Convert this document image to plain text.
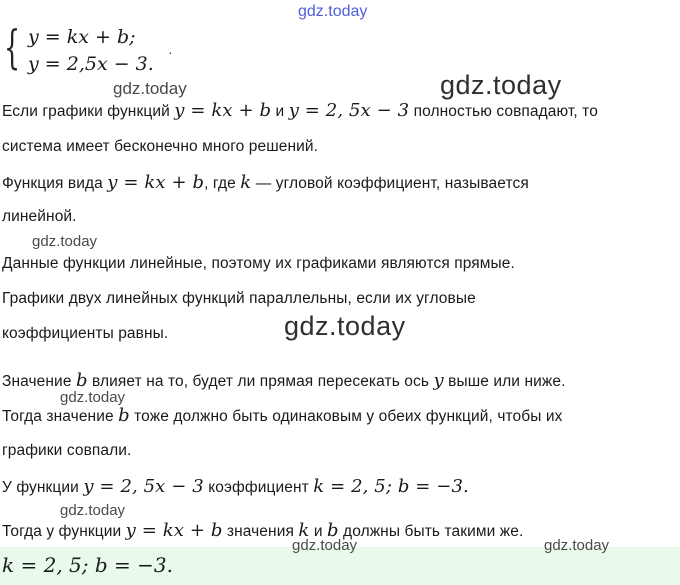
gdz.today
{ y = kx + b;
y = 2,5x − 3.
·
gdz.today	gdz.today
Если графики функций y = kx + b и y = 2, 5x − 3 полностью совпадают, то
система имеет бесконечно много решений.
Функция вида y = kx + b, где k — угловой коэффициент, называется
линейной.
gdz.today
Данные функции линейные, поэтому их графиками являются прямые.
Графики двух линейных функций параллельны, если их угловые
gdz.today
коэффициенты равны.
Значение b влияет на то, будет ли прямая пересекать ось y выше или ниже.
gdz.today
Тогда значение b тоже должно быть одинаковым у обеих функций, чтобы их
графики совпали.
У функции y = 2, 5x − 3 коэффициент k = 2, 5; b = −3.
gdz.today
Тогда у функции y = kx + b значения k и b должны быть такими же.
k = 2, 5; b = −3.
gdz.today	gdz.today
